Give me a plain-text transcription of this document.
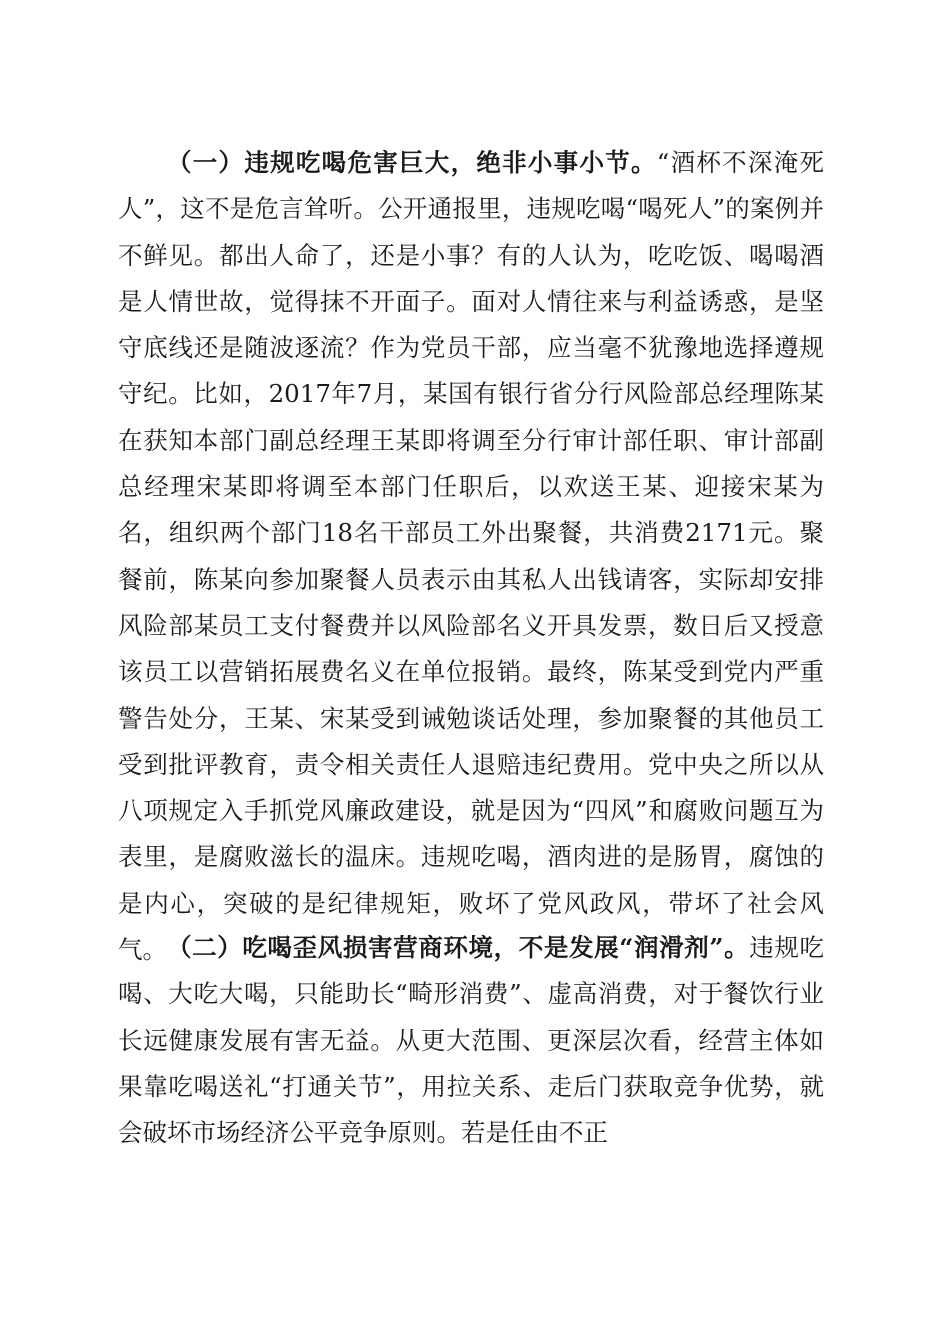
（一）违规吃喝危害巨大，绝非小事小节。“酒杯不深淹死人”，这不是危言耸听。公开通报里，违规吃喝“喝死人”的案例并不鲜见。都出人命了，还是小事？有的人认为，吃吃饭、喝喝酒是人情世故，觉得抹不开面子。面对人情往来与利益诱惑，是坚守底线还是随波逐流？作为党员干部，应当毫不犹豫地选择遵规守纪。比如，2017年7月，某国有银行省分行风险部总经理陈某在获知本部门副总经理王某即将调至分行审计部任职、审计部副总经理宋某即将调至本部门任职后，以欢送王某、迎接宋某为名，组织两个部门18名干部员工外出聚餐，共消费2171元。聚餐前，陈某向参加聚餐人员表示由其私人出钱请客，实际却安排风险部某员工支付餐费并以风险部名义开具发票，数日后又授意该员工以营销拓展费名义在单位报销。最终，陈某受到党内严重警告处分，王某、宋某受到诫勉谈话处理，参加聚餐的其他员工受到批评教育，责令相关责任人退赔违纪费用。党中央之所以从八项规定入手抓党风廉政建设，就是因为“四风”和腐败问题互为表里，是腐败滋长的温床。违规吃喝，酒肉进的是肠胃，腐蚀的是内心，突破的是纪律规矩，败坏了党风政风，带坏了社会风气。 （二）吃喝歪风损害营商环境，不是发展“润滑剂”。违规吃喝、大吃大喝，只能助长“畸形消费”、虚高消费，对于餐饮行业长远健康发展有害无益。从更大范围、更深层次看，经营主体如果靠吃喝送礼“打通关节”，用拉关系、走后门获取竞争优势，就会破坏市场经济公平竞争原则。若是任由不正
